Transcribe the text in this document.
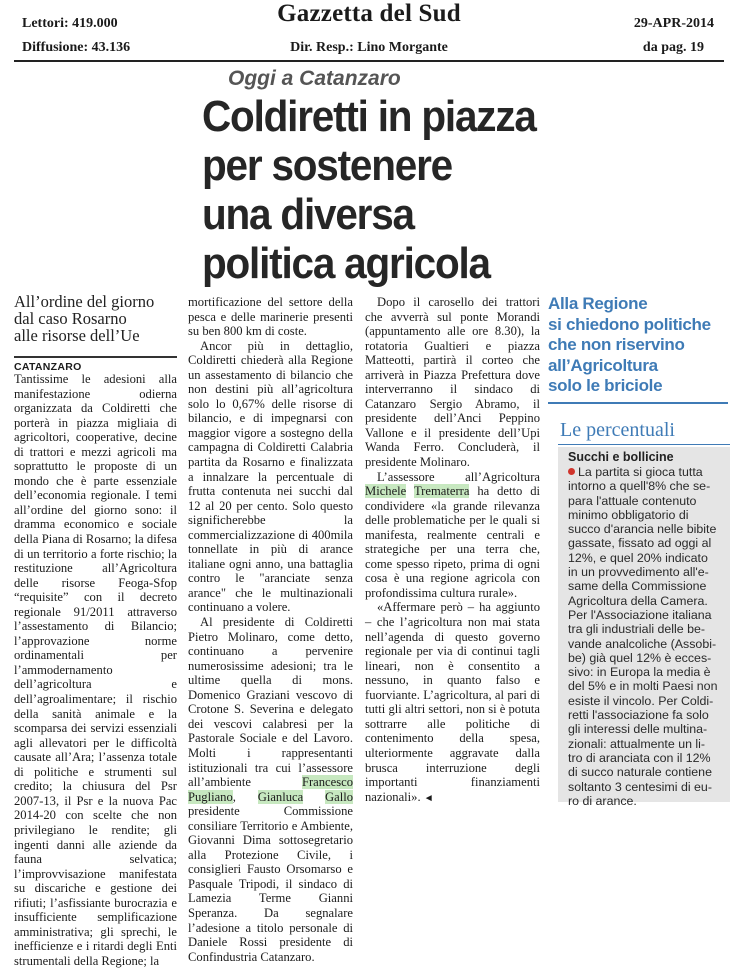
Lettori: 419.000
Diffusione: 43.136
Gazzetta del Sud
Dir. Resp.: Lino Morgante
29-APR-2014
da pag. 19
Oggi a Catanzaro
Coldiretti in piazza
per sostenere
una diversa
politica agricola
All’ordine del giorno
dal caso Rosarno
alle risorse dell’Ue
CATANZARO

Tantissime le adesioni alla manifestazione odierna organizzata da Coldiretti che porterà in piazza migliaia di agricoltori, cooperative, decine di trattori e mezzi agricoli ma soprattutto le proposte di un mondo che è parte essenziale dell’economia regionale. I temi all’ordine del giorno sono: il dramma economico e sociale della Piana di Rosarno; la difesa di un territorio a forte rischio; la restituzione all’Agricoltura delle risorse Feoga-Sfop “requisite” con il decreto regionale 91/2011 attraverso l’assestamento di Bilancio; l’approvazione norme ordinamentali per l’ammodernamento dell’agricoltura e dell’agroalimentare; il rischio della sanità animale e la scomparsa dei servizi essenziali agli allevatori per le difficoltà causate all’Ara; l’assenza totale di politiche e strumenti sul credito; la chiusura del Psr 2007-13, il Psr e la nuova Pac 2014-20 con scelte che non privilegiano le rendite; gli ingenti danni alle aziende da fauna selvatica; l’improvvisazione manifestata su discariche e gestione dei rifiuti; l’asfissiante burocrazia e insufficiente semplificazione amministrativa; gli sprechi, le inefficienze e i ritardi degli Enti strumentali della Regione; la

mortificazione del settore della pesca e delle marinerie presenti su ben 800 km di coste.

Ancor più in dettaglio, Coldiretti chiederà alla Regione un assestamento di bilancio che non destini più all’agricoltura solo lo 0,67% delle risorse di bilancio, e di impegnarsi con maggior vigore a sostegno della campagna di Coldiretti Calabria partita da Rosarno e finalizzata a innalzare la percentuale di frutta contenuta nei succhi dal 12 al 20 per cento. Solo questo significherebbe la commercializzazione di 400mila tonnellate in più di arance italiane ogni anno, una battaglia contro le "aranciate senza arance" che le multinazionali continuano a volere.

Al presidente di Coldiretti Pietro Molinaro, come detto, continuano a pervenire numerosissime adesioni; tra le ultime quella di mons. Domenico Graziani vescovo di Crotone S. Severina e delegato dei vescovi calabresi per la Pastorale Sociale e del Lavoro. Molti i rappresentanti istituzionali tra cui l’assessore all’ambiente	Francesco Pugliano, Gianluca Gallo presidente Commissione consiliare Territorio e Ambiente, Giovanni Dima sottosegretario alla Protezione Civile, i consiglieri Fausto Orsomarso e Pasquale Tripodi, il sindaco di Lamezia Terme Gianni Speranza. Da segnalare l’adesione a titolo personale di Daniele Rossi presidente di Confindustria Catanzaro.

Dopo il carosello dei trattori che avverrà sul ponte Morandi (appuntamento alle ore 8.30), la rotatoria Gualtieri e piazza Matteotti, partirà il corteo che arriverà in Piazza Prefettura dove interverranno il sindaco di Catanzaro Sergio Abramo, il presidente dell’Anci Peppino Vallone e il presidente dell’Upi Wanda Ferro. Concluderà, il presidente Molinaro.

L’assessore all’Agricoltura Michele Trematerra ha detto di condividere «la grande rilevanza delle problematiche per le quali si manifesta, realmente centrali e strategiche per una terra che, come spesso ripeto, prima di ogni cosa è una regione agricola con profondissima cultura rurale».

«Affermare però – ha aggiunto – che l’agricoltura non mai stata nell’agenda di questo governo regionale per via di continui tagli lineari, non è consentito a nessuno, in quanto falso e fuorviante. L’agricoltura, al pari di tutti gli altri settori, non si è potuta sottrarre alle politiche di contenimento della spesa, ulteriormente aggravate dalla brusca interruzione degli importanti finanziamenti nazionali». ◄

Alla Regione
si chiedono politiche
che non riservino
all’Agricoltura
solo le briciole
Le percentuali
Succhi e bollicine
La partita si gioca tutta
intorno a quell'8% che se-
para l'attuale contenuto
minimo obbligatorio di
succo d'arancia nelle bibite
gassate, fissato ad oggi al
12%, e quel 20% indicato
in un provvedimento all'e-
same della Commissione
Agricoltura della Camera.
Per l'Associazione italiana
tra gli industriali delle be-
vande analcoliche (Assobi-
be) già quel 12% è ecces-
sivo: in Europa la media è
del 5% e in molti Paesi non
esiste il vincolo. Per Coldi-
retti l'associazione fa solo
gli interessi delle multina-
zionali: attualmente un li-
tro di aranciata con il 12%
di succo naturale contiene
soltanto 3 centesimi di eu-
ro di arance.
